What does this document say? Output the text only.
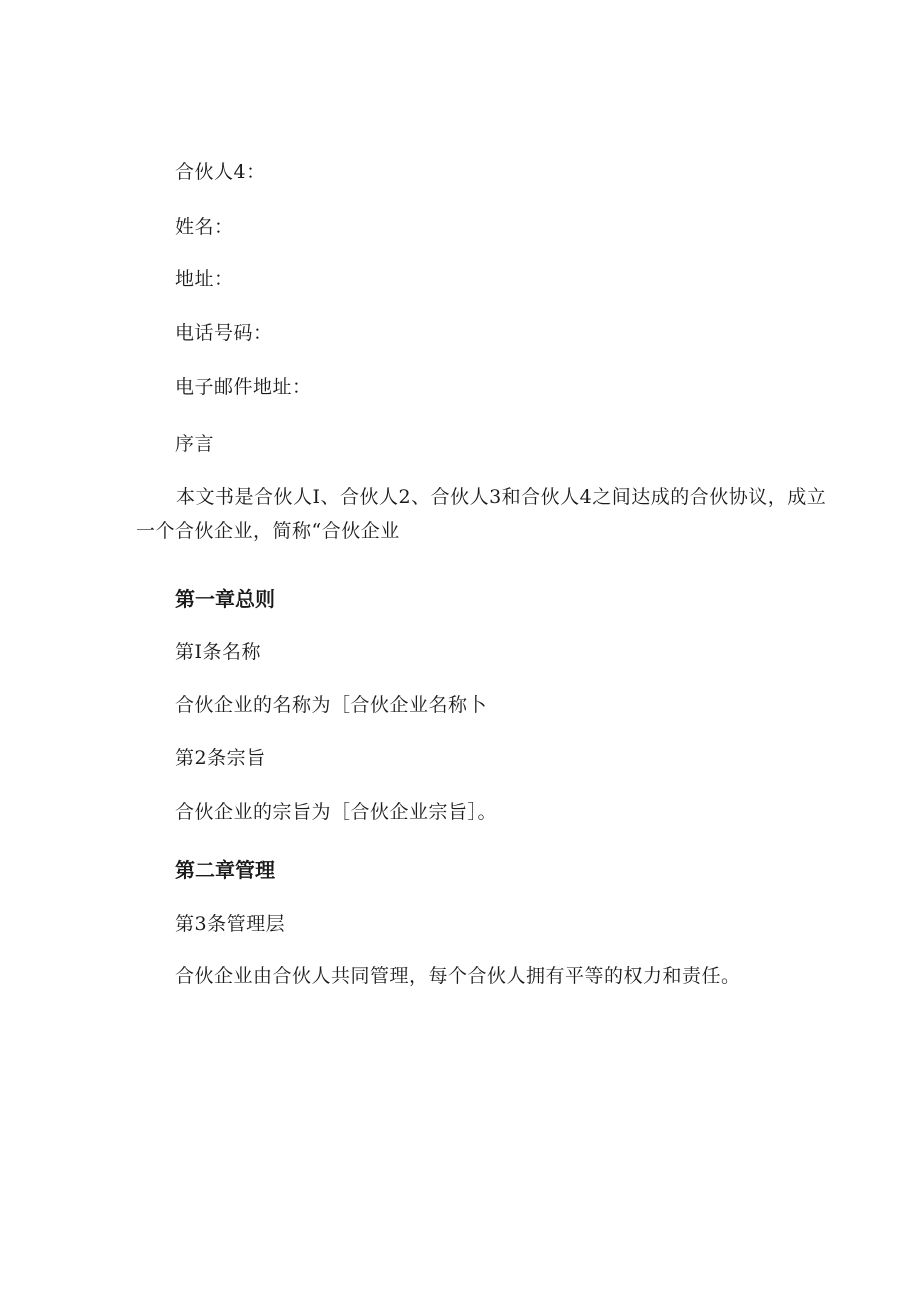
合伙人4：
姓名：
地址：
电话号码：
电子邮件地址：
序言
本文书是合伙人I、合伙人2、合伙人3和合伙人4之间达成的合伙协议，成立
一个合伙企业，简称“合伙企业
第一章总则
第I条名称
合伙企业的名称为［合伙企业名称卜
第2条宗旨
合伙企业的宗旨为［合伙企业宗旨］。
第二章管理
第3条管理层
合伙企业由合伙人共同管理，每个合伙人拥有平等的权力和责任。
